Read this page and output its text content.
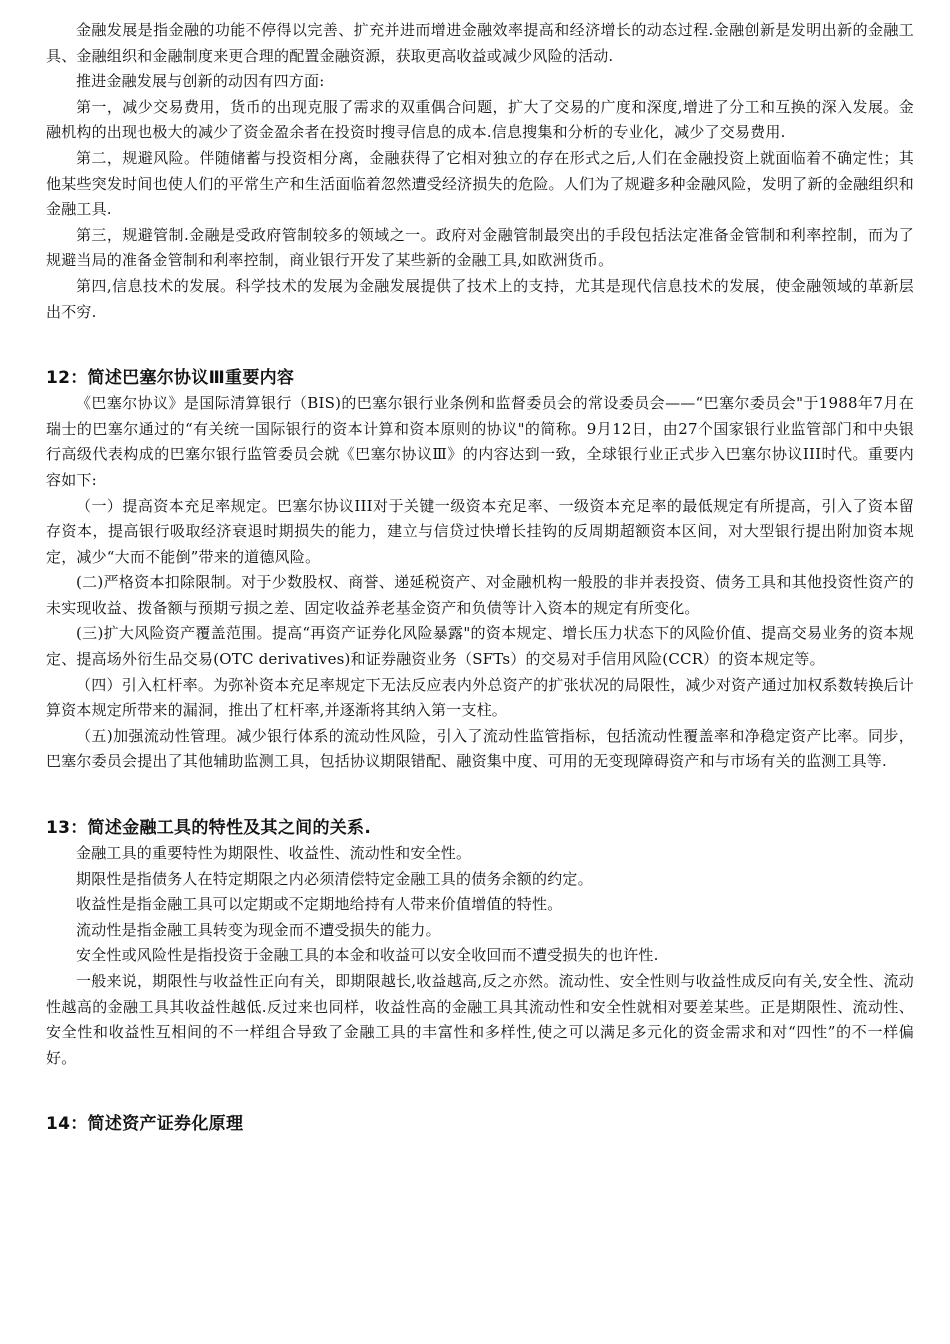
金融发展是指金融的功能不停得以完善、扩充并进而增进金融效率提高和经济增长的动态过程.金融创新是发明出新的金融工具、金融组织和金融制度来更合理的配置金融资源，获取更高收益或减少风险的活动.

推进金融发展与创新的动因有四方面:

第一，减少交易费用，货币的出现克服了需求的双重偶合问题，扩大了交易的广度和深度,增进了分工和互换的深入发展。金融机构的出现也极大的减少了资金盈余者在投资时搜寻信息的成本.信息搜集和分析的专业化，减少了交易费用.

第二，规避风险。伴随储蓄与投资相分离，金融获得了它相对独立的存在形式之后,人们在金融投资上就面临着不确定性；其他某些突发时间也使人们的平常生产和生活面临着忽然遭受经济损失的危险。人们为了规避多种金融风险，发明了新的金融组织和金融工具.

第三，规避管制.金融是受政府管制较多的领域之一。政府对金融管制最突出的手段包括法定准备金管制和利率控制，而为了规避当局的准备金管制和利率控制，商业银行开发了某些新的金融工具,如欧洲货币。

第四,信息技术的发展。科学技术的发展为金融发展提供了技术上的支持，尤其是现代信息技术的发展，使金融领域的革新层出不穷.

12：简述巴塞尔协议Ⅲ重要内容

《巴塞尔协议》是国际清算银行（BIS)的巴塞尔银行业条例和监督委员会的常设委员会——“巴塞尔委员会"于1988年7月在瑞士的巴塞尔通过的“有关统一国际银行的资本计算和资本原则的协议"的简称。9月12日，由27个国家银行业监管部门和中央银行高级代表构成的巴塞尔银行监管委员会就《巴塞尔协议Ⅲ》的内容达到一致，全球银行业正式步入巴塞尔协议III时代。重要内容如下:

（一）提高资本充足率规定。巴塞尔协议III对于关键一级资本充足率、一级资本充足率的最低规定有所提高，引入了资本留存资本，提高银行吸取经济衰退时期损失的能力，建立与信贷过快增长挂钩的反周期超额资本区间，对大型银行提出附加资本规定，减少“大而不能倒”带来的道德风险。

(二)严格资本扣除限制。对于少数股权、商誉、递延税资产、对金融机构一般股的非并表投资、债务工具和其他投资性资产的未实现收益、拨备额与预期亏损之差、固定收益养老基金资产和负债等计入资本的规定有所变化。

(三)扩大风险资产覆盖范围。提高“再资产证券化风险暴露"的资本规定、增长压力状态下的风险价值、提高交易业务的资本规定、提高场外衍生品交易(OTC derivatives)和证券融资业务（SFTs）的交易对手信用风险(CCR）的资本规定等。

（四）引入杠杆率。为弥补资本充足率规定下无法反应表内外总资产的扩张状况的局限性，减少对资产通过加权系数转换后计算资本规定所带来的漏洞，推出了杠杆率,并逐渐将其纳入第一支柱。

（五)加强流动性管理。减少银行体系的流动性风险，引入了流动性监管指标，包括流动性覆盖率和净稳定资产比率。同步，巴塞尔委员会提出了其他辅助监测工具，包括协议期限错配、融资集中度、可用的无变现障碍资产和与市场有关的监测工具等.

13：简述金融工具的特性及其之间的关系.

金融工具的重要特性为期限性、收益性、流动性和安全性。

期限性是指债务人在特定期限之内必须清偿特定金融工具的债务余额的约定。

收益性是指金融工具可以定期或不定期地给持有人带来价值增值的特性。

流动性是指金融工具转变为现金而不遭受损失的能力。

安全性或风险性是指投资于金融工具的本金和收益可以安全收回而不遭受损失的也许性.

一般来说，期限性与收益性正向有关，即期限越长,收益越高,反之亦然。流动性、安全性则与收益性成反向有关,安全性、流动性越高的金融工具其收益性越低.反过来也同样，收益性高的金融工具其流动性和安全性就相对要差某些。正是期限性、流动性、安全性和收益性互相间的不一样组合导致了金融工具的丰富性和多样性,使之可以满足多元化的资金需求和对“四性”的不一样偏好。

14：简述资产证券化原理
